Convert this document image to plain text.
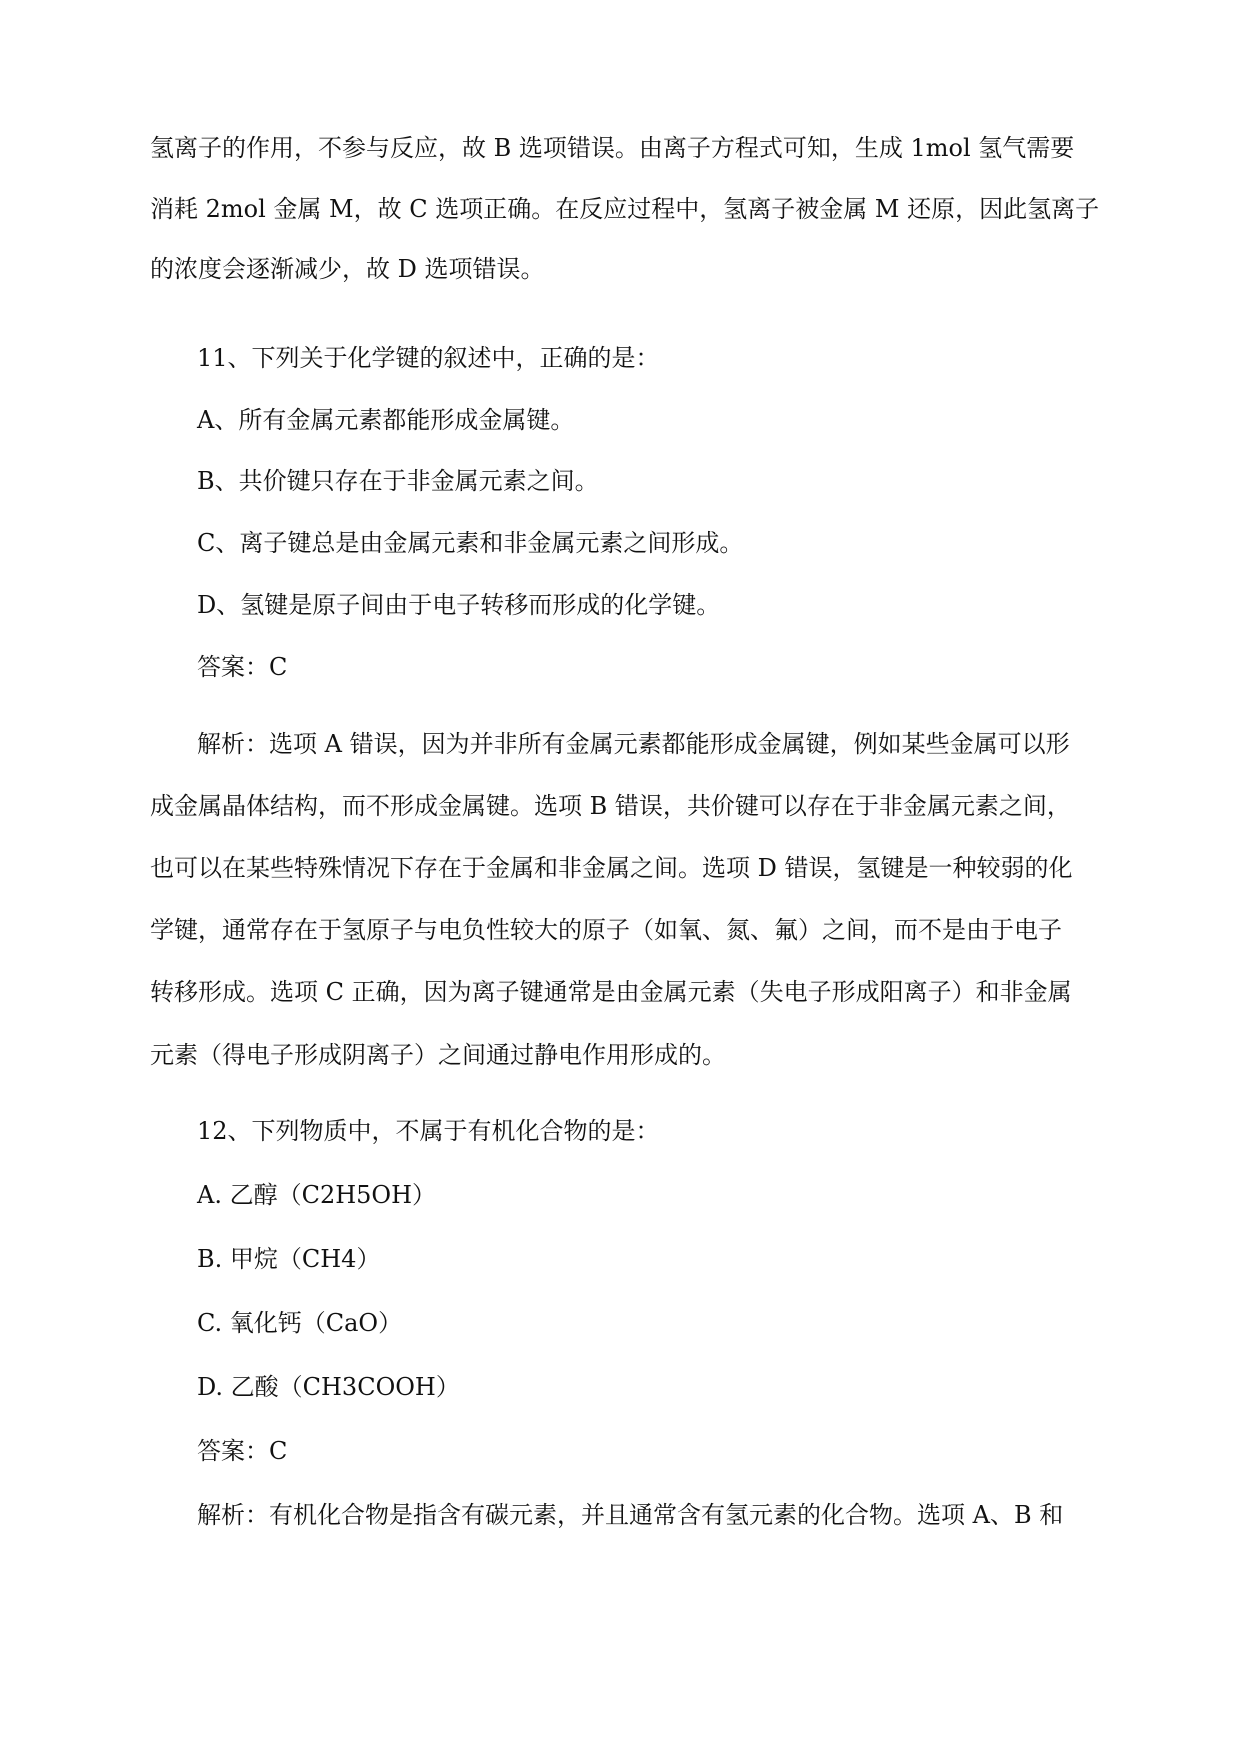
氢离子的作用，不参与反应，故 B 选项错误。由离子方程式可知，生成 1mol 氢气需要
消耗 2mol 金属 M，故 C 选项正确。在反应过程中，氢离子被金属 M 还原，因此氢离子
的浓度会逐渐减少，故 D 选项错误。
11、下列关于化学键的叙述中，正确的是：
A、所有金属元素都能形成金属键。
B、共价键只存在于非金属元素之间。
C、离子键总是由金属元素和非金属元素之间形成。
D、氢键是原子间由于电子转移而形成的化学键。
答案：C
解析：选项 A 错误，因为并非所有金属元素都能形成金属键，例如某些金属可以形
成金属晶体结构，而不形成金属键。选项 B 错误，共价键可以存在于非金属元素之间，
也可以在某些特殊情况下存在于金属和非金属之间。选项 D 错误，氢键是一种较弱的化
学键，通常存在于氢原子与电负性较大的原子（如氧、氮、氟）之间，而不是由于电子
转移形成。选项 C 正确，因为离子键通常是由金属元素（失电子形成阳离子）和非金属
元素（得电子形成阴离子）之间通过静电作用形成的。
12、下列物质中，不属于有机化合物的是：
A. 乙醇（C2H5OH）
B. 甲烷（CH4）
C. 氧化钙（CaO）
D. 乙酸（CH3COOH）
答案：C
解析：有机化合物是指含有碳元素，并且通常含有氢元素的化合物。选项 A、B 和
